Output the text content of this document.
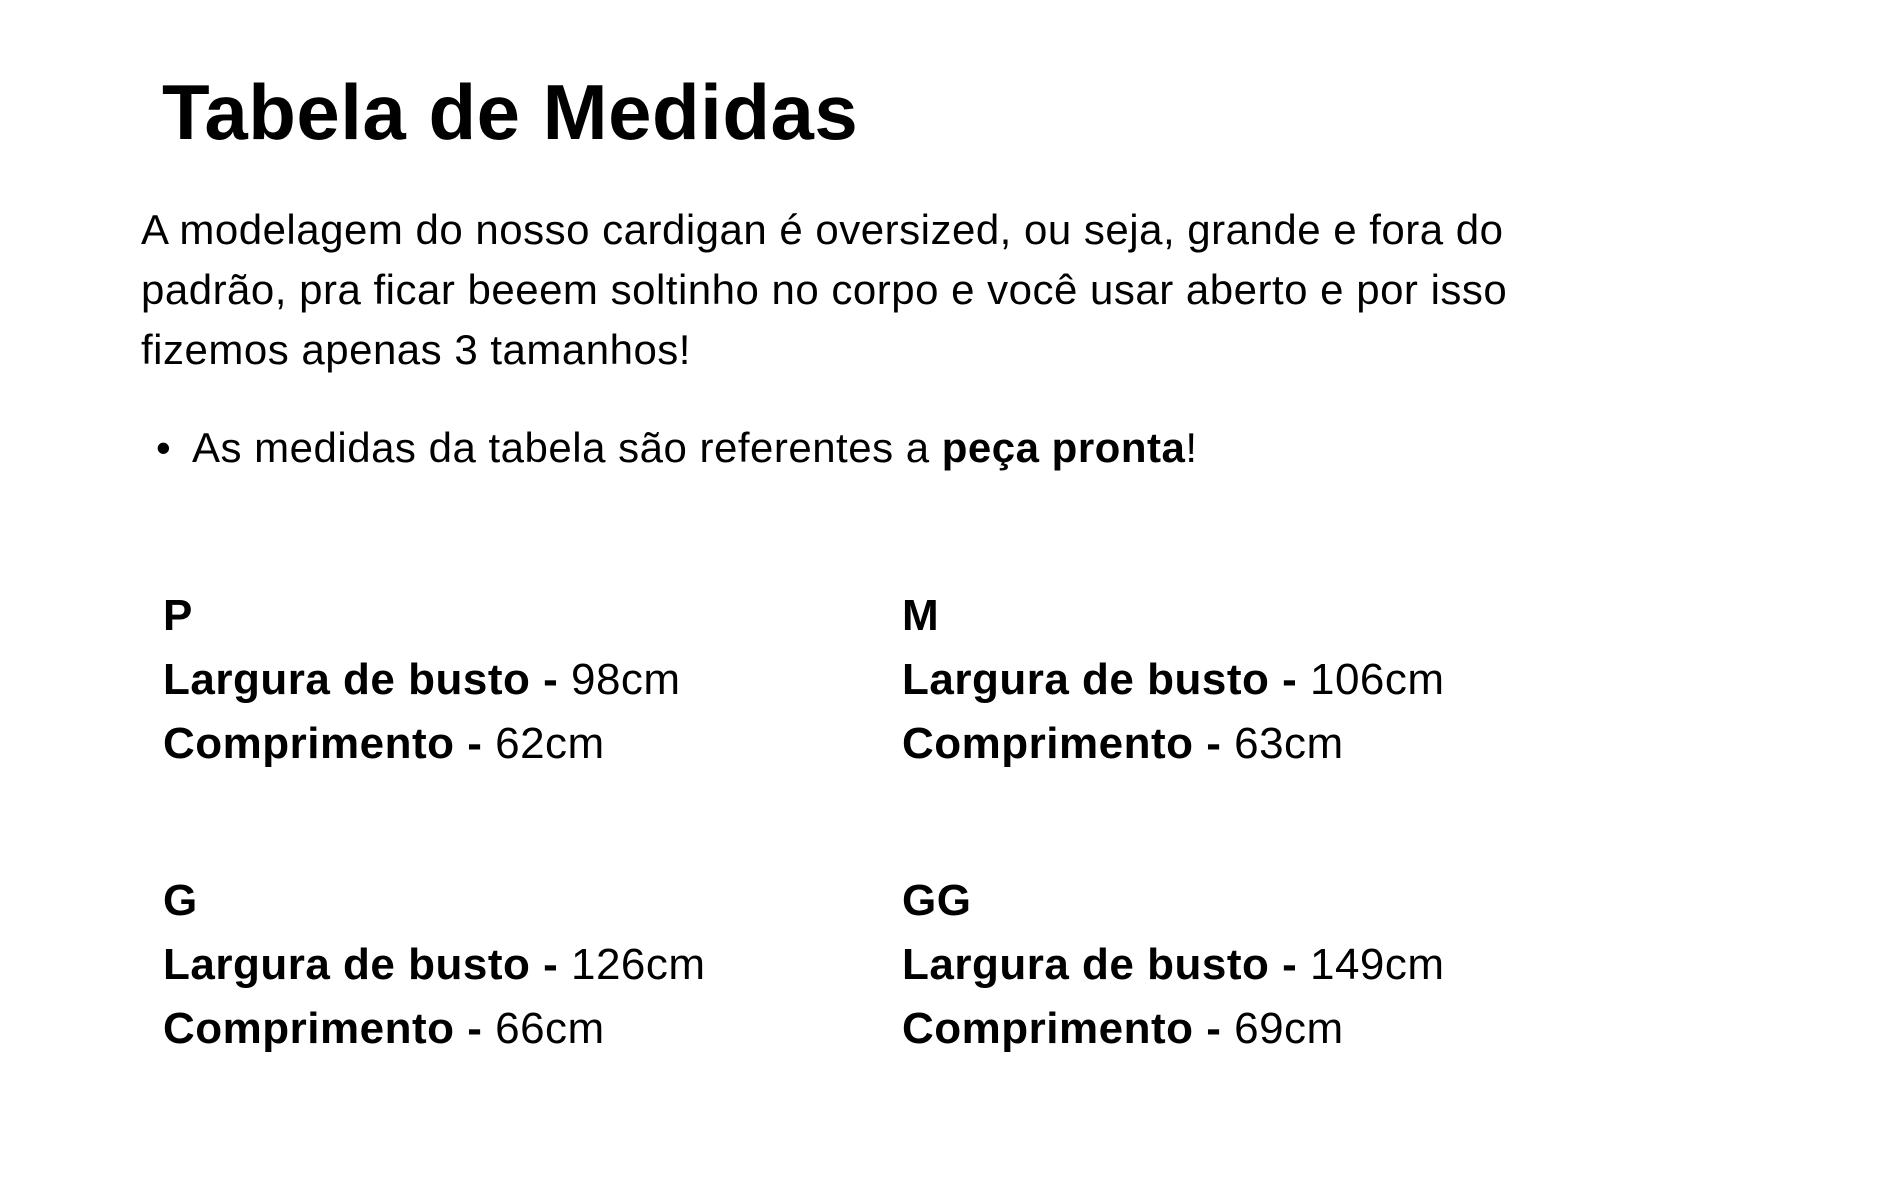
Tabela de Medidas

A modelagem do nosso cardigan é oversized, ou seja, grande e fora do padrão, pra ficar beeem soltinho no corpo e você usar aberto e por isso fizemos apenas 3 tamanhos!

• As medidas da tabela são referentes a peça pronta!

P
Largura de busto - 98cm
Comprimento - 62cm
M
Largura de busto - 106cm
Comprimento - 63cm
G
Largura de busto - 126cm
Comprimento - 66cm
GG
Largura de busto - 149cm
Comprimento - 69cm
